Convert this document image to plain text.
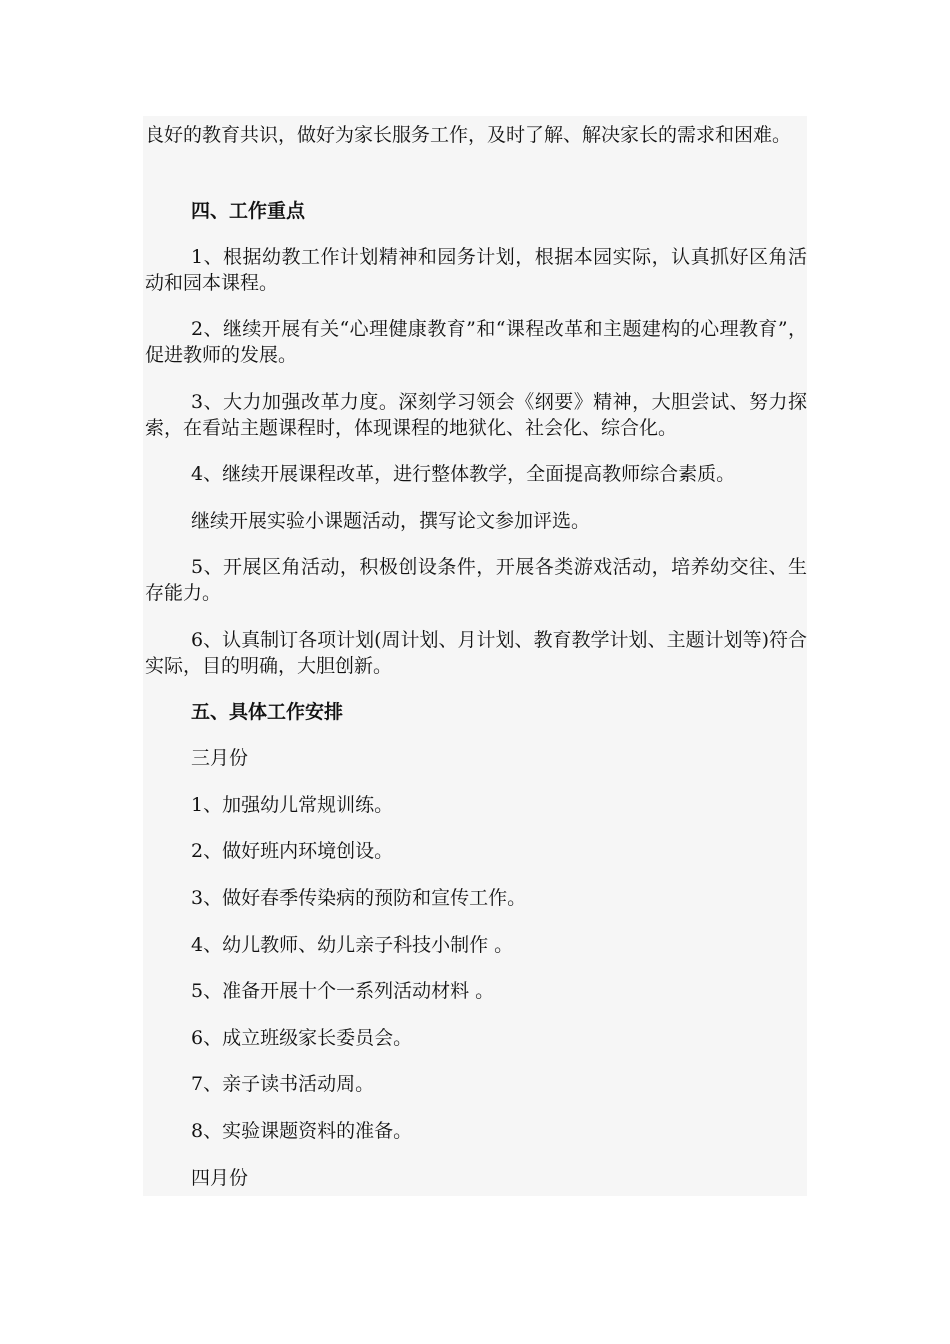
良好的教育共识，做好为家长服务工作，及时了解、解决家长的需求和困难。

四、工作重点

1、根据幼教工作计划精神和园务计划，根据本园实际，认真抓好区角活动和园本课程。

2、继续开展有关“心理健康教育”和“课程改革和主题建构的心理教育”，促进教师的发展。

3、大力加强改革力度。深刻学习领会《纲要》精神，大胆尝试、努力探索，在看站主题课程时，体现课程的地狱化、社会化、综合化。

4、继续开展课程改革，进行整体教学，全面提高教师综合素质。

继续开展实验小课题活动，撰写论文参加评选。

5、开展区角活动，积极创设条件，开展各类游戏活动，培养幼交往、生存能力。

6、认真制订各项计划(周计划、月计划、教育教学计划、主题计划等)符合实际，目的明确，大胆创新。

五、具体工作安排

三月份

1、加强幼儿常规训练。

2、做好班内环境创设。

3、做好春季传染病的预防和宣传工作。

4、幼儿教师、幼儿亲子科技小制作 。

5、准备开展十个一系列活动材料 。

6、成立班级家长委员会。

7、亲子读书活动周。

8、实验课题资料的准备。

四月份
